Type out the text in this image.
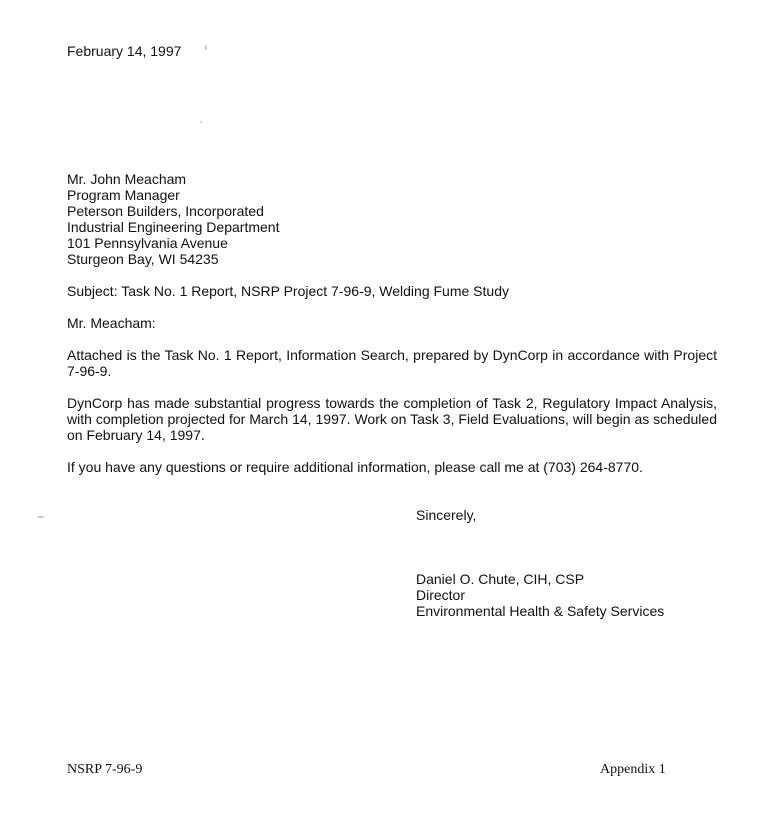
February 14, 1997
Mr. John Meacham
Program Manager
Peterson Builders, Incorporated
Industrial Engineering Department
101 Pennsylvania Avenue
Sturgeon Bay, WI 54235
Subject: Task No. 1 Report, NSRP Project 7-96-9, Welding Fume Study
Mr. Meacham:
Attached is the Task No. 1 Report, Information Search, prepared by DynCorp in accordance with Project 7-96-9.
DynCorp has made substantial progress towards the completion of Task 2, Regulatory Impact Analysis, with completion projected for March 14, 1997. Work on Task 3, Field Evaluations, will begin as scheduled on February 14, 1997.
If you have any questions or require additional information, please call me at (703) 264-8770.
Sincerely,
Daniel O. Chute, CIH, CSP
Director
Environmental Health & Safety Services
NSRP 7-96-9	Appendix 1
